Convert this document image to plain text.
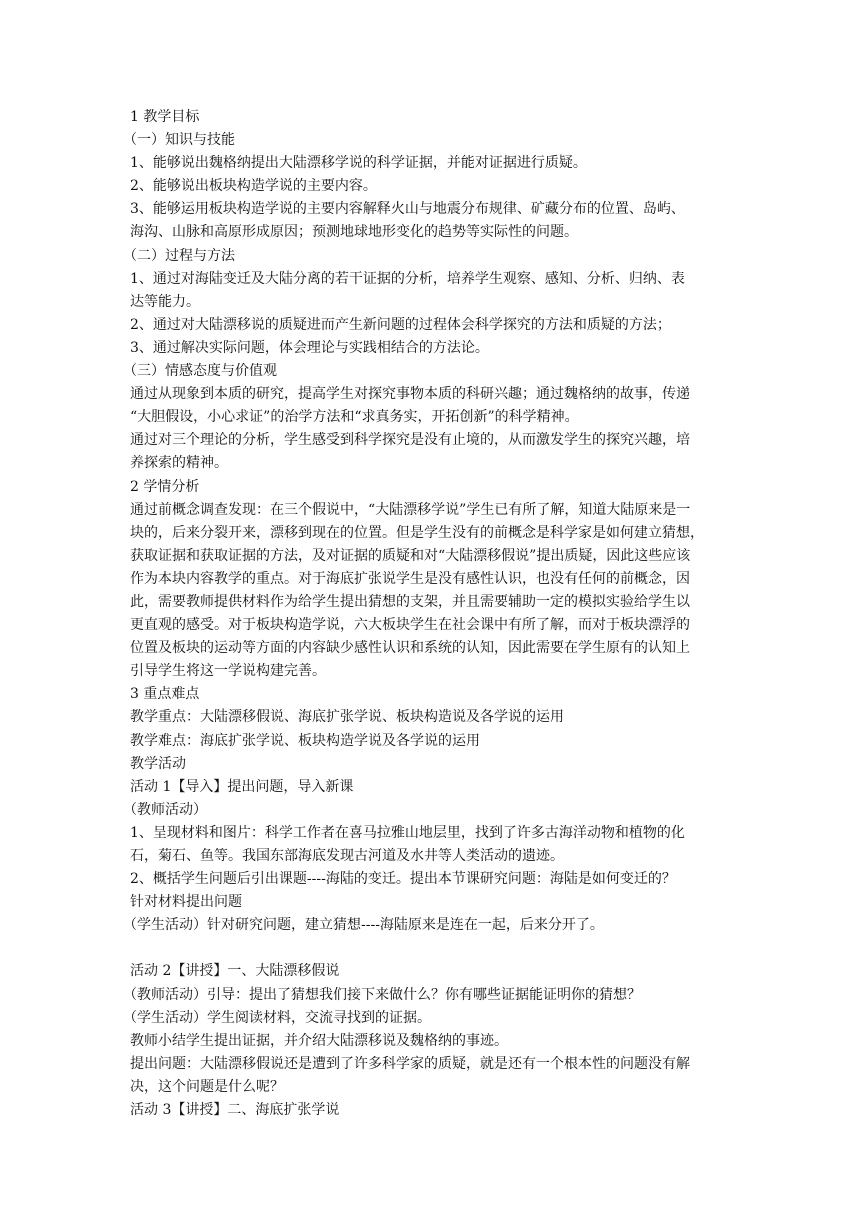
1 教学目标
（一）知识与技能
1、能够说出魏格纳提出大陆漂移学说的科学证据，并能对证据进行质疑。
2、能够说出板块构造学说的主要内容。
3、能够运用板块构造学说的主要内容解释火山与地震分布规律、矿藏分布的位置、岛屿、
海沟、山脉和高原形成原因；预测地球地形变化的趋势等实际性的问题。
（二）过程与方法
1、通过对海陆变迁及大陆分离的若干证据的分析，培养学生观察、感知、分析、归纳、表
达等能力。
2、通过对大陆漂移说的质疑进而产生新问题的过程体会科学探究的方法和质疑的方法；
3、通过解决实际问题，体会理论与实践相结合的方法论。
（三）情感态度与价值观
通过从现象到本质的研究，提高学生对探究事物本质的科研兴趣；通过魏格纳的故事，传递
“大胆假设，小心求证”的治学方法和“求真务实，开拓创新”的科学精神。
通过对三个理论的分析，学生感受到科学探究是没有止境的，从而激发学生的探究兴趣，培
养探索的精神。
2 学情分析
通过前概念调查发现：在三个假说中，“大陆漂移学说”学生已有所了解，知道大陆原来是一
块的，后来分裂开来，漂移到现在的位置。但是学生没有的前概念是科学家是如何建立猜想，
获取证据和获取证据的方法，及对证据的质疑和对“大陆漂移假说”提出质疑，因此这些应该
作为本块内容教学的重点。对于海底扩张说学生是没有感性认识，也没有任何的前概念，因
此，需要教师提供材料作为给学生提出猜想的支架，并且需要辅助一定的模拟实验给学生以
更直观的感受。对于板块构造学说，六大板块学生在社会课中有所了解，而对于板块漂浮的
位置及板块的运动等方面的内容缺少感性认识和系统的认知，因此需要在学生原有的认知上
引导学生将这一学说构建完善。
3 重点难点
教学重点：大陆漂移假说、海底扩张学说、板块构造说及各学说的运用
教学难点：海底扩张学说、板块构造学说及各学说的运用
教学活动
活动 1【导入】提出问题，导入新课
（教师活动）
1、呈现材料和图片：科学工作者在喜马拉雅山地层里，找到了许多古海洋动物和植物的化
石，菊石、鱼等。我国东部海底发现古河道及水井等人类活动的遗迹。
2、概括学生问题后引出课题----海陆的变迁。提出本节课研究问题：海陆是如何变迁的？
针对材料提出问题
（学生活动）针对研究问题，建立猜想----海陆原来是连在一起，后来分开了。
活动 2【讲授】一、大陆漂移假说
（教师活动）引导：提出了猜想我们接下来做什么？你有哪些证据能证明你的猜想？
（学生活动）学生阅读材料，交流寻找到的证据。
教师小结学生提出证据，并介绍大陆漂移说及魏格纳的事迹。
提出问题：大陆漂移假说还是遭到了许多科学家的质疑，就是还有一个根本性的问题没有解
决，这个问题是什么呢？
活动 3【讲授】二、海底扩张学说
